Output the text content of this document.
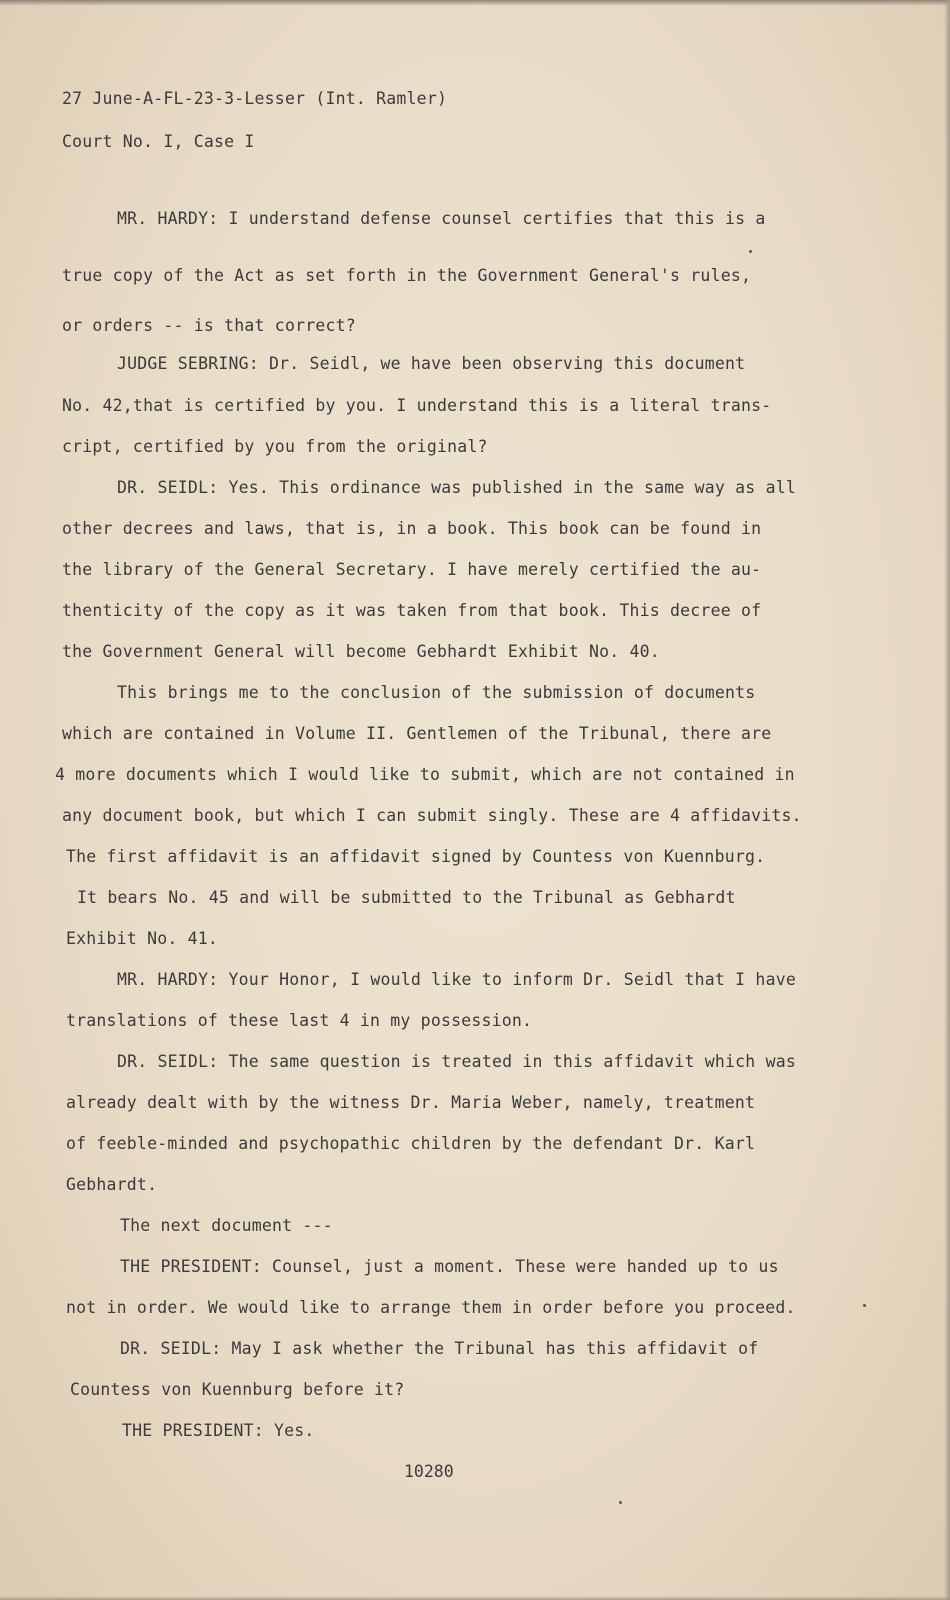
27 June-A-FL-23-3-Lesser (Int. Ramler)

Court No. I, Case I

MR. HARDY: I understand defense counsel certifies that this is a

true copy of the Act as set forth in the Government General's rules,

or orders -- is that correct?

JUDGE SEBRING: Dr. Seidl, we have been observing this document

No. 42,that is certified by you. I understand this is a literal trans-

cript, certified by you from the original?

DR. SEIDL: Yes. This ordinance was published in the same way as all

other decrees and laws, that is, in a book. This book can be found in

the library of the General Secretary. I have merely certified the au-

thenticity of the copy as it was taken from that book. This decree of

the Government General will become Gebhardt Exhibit No. 40.

This brings me to the conclusion of the submission of documents

which are contained in Volume II. Gentlemen of the Tribunal, there are

4 more documents which I would like to submit, which are not contained in

any document book, but which I can submit singly. These are 4 affidavits.

The first affidavit is an affidavit signed by Countess von Kuennburg.

It bears No. 45 and will be submitted to the Tribunal as Gebhardt

Exhibit No. 41.

MR. HARDY: Your Honor, I would like to inform Dr. Seidl that I have

translations of these last 4 in my possession.

DR. SEIDL: The same question is treated in this affidavit which was

already dealt with by the witness Dr. Maria Weber, namely, treatment

of feeble-minded and psychopathic children by the defendant Dr. Karl

Gebhardt.

The next document ---

THE PRESIDENT: Counsel, just a moment. These were handed up to us

not in order. We would like to arrange them in order before you proceed.

DR. SEIDL: May I ask whether the Tribunal has this affidavit of

Countess von Kuennburg before it?

THE PRESIDENT: Yes.

10280
